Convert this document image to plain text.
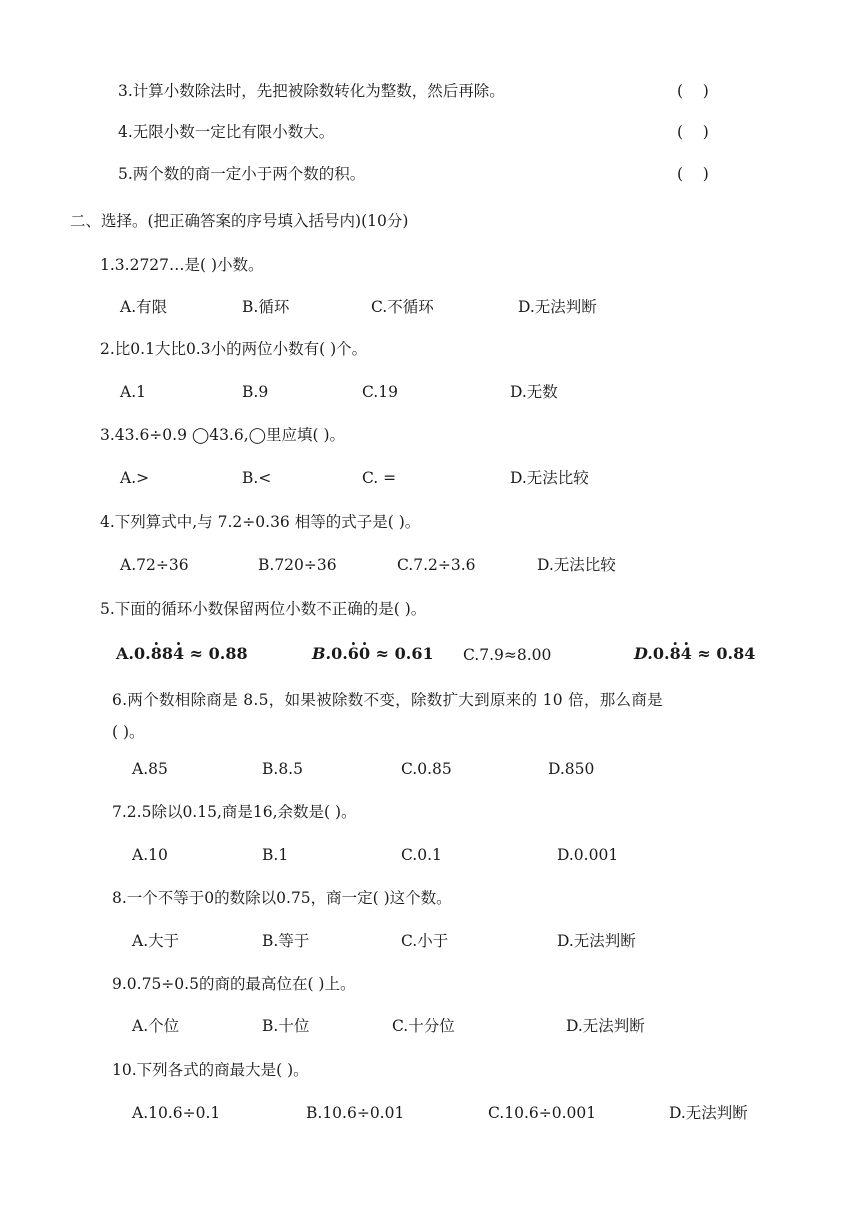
3.计算小数除法时，先把被除数转化为整数，然后再除。	(    )
4.无限小数一定比有限小数大。	(    )
5.两个数的商一定小于两个数的积。	(    )
二、选择。(把正确答案的序号填入括号内)(10分)
1.3.2727…是( )小数。
A.有限	B.循环	C.不循环	D.无法判断
2.比0.1大比0.3小的两位小数有( )个。
A.1	B.9	C.19	D.无数
3.43.6÷0.9 ◯43.6,◯里应填( )。
A.>	B.<	C. =	D.无法比较
4.下列算式中,与 7.2÷0.36 相等的式子是( )。
A.72÷36	B.720÷36	C.7.2÷3.6	D.无法比较
5.下面的循环小数保留两位小数不正确的是( )。
A.0.8 ·84 · ≈ 0.88	B.0.6 ·0 · ≈ 0.61 C.7.9≈8.00	D.0.8 ·4 · ≈ 0.84
6.两个数相除商是 8.5，如果被除数不变，除数扩大到原来的 10 倍，那么商是
( )。
A.85	B.8.5	C.0.85	D.850
7.2.5除以0.15,商是16,余数是( )。
A.10	B.1	C.0.1	D.0.001
8.一个不等于0的数除以0.75，商一定( )这个数。
A.大于	B.等于	C.小于	D.无法判断
9.0.75÷0.5的商的最高位在( )上。
A.个位	B.十位	C.十分位	D.无法判断
10.下列各式的商最大是( )。
A.10.6÷0.1	B.10.6÷0.01	C.10.6÷0.001	D.无法判断
